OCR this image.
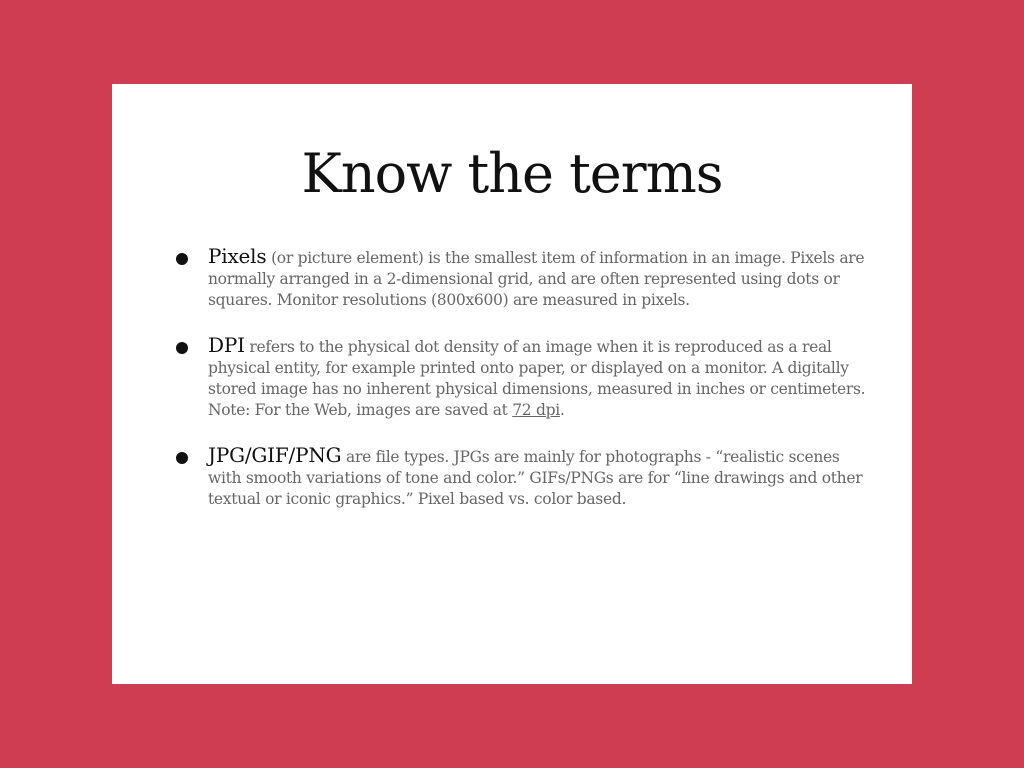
Know the terms
Pixels (or picture element) is the smallest item of information in an image. Pixels are normally arranged in a 2-dimensional grid, and are often represented using dots or squares. Monitor resolutions (800x600) are measured in pixels.
DPI refers to the physical dot density of an image when it is reproduced as a real physical entity, for example printed onto paper, or displayed on a monitor. A digitally stored image has no inherent physical dimensions, measured in inches or centimeters. Note: For the Web, images are saved at 72 dpi.
JPG/GIF/PNG are file types. JPGs are mainly for photographs - “realistic scenes with smooth variations of tone and color.” GIFs/PNGs are for “line drawings and other textual or iconic graphics.” Pixel based vs. color based.
